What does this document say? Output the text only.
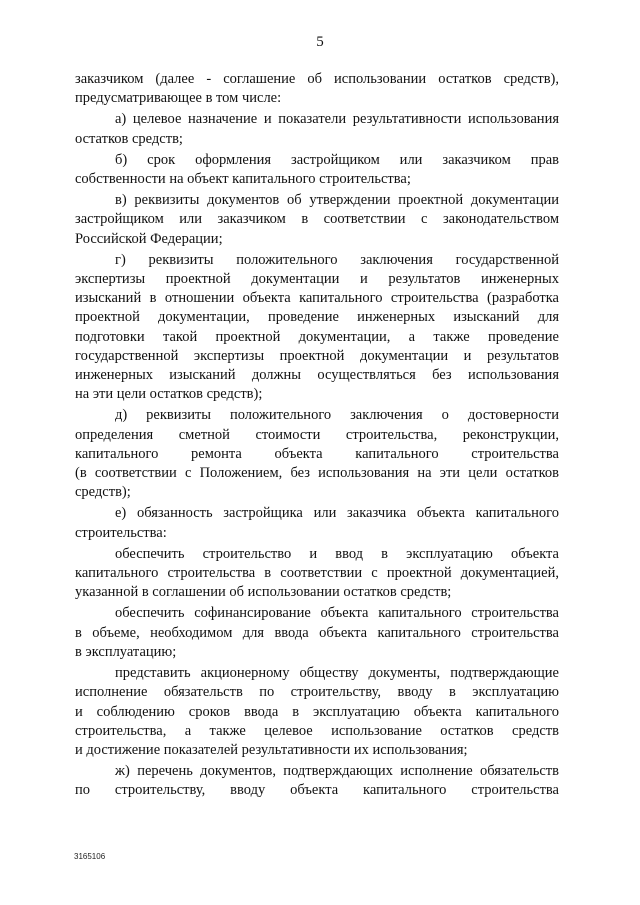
5
заказчиком (далее - соглашение об использовании остатков средств),
предусматривающее в том числе:
а) целевое назначение и показатели результативности использования
остатков средств;
б) срок оформления застройщиком или заказчиком прав
собственности на объект капитального строительства;
в) реквизиты документов об утверждении проектной документации
застройщиком или заказчиком в соответствии с законодательством
Российской Федерации;
г) реквизиты положительного заключения государственной
экспертизы проектной документации и результатов инженерных
изысканий в отношении объекта капитального строительства (разработка
проектной документации, проведение инженерных изысканий для
подготовки такой проектной документации, а также проведение
государственной экспертизы проектной документации и результатов
инженерных изысканий должны осуществляться без использования
на эти цели остатков средств);
д) реквизиты положительного заключения о достоверности
определения сметной стоимости строительства, реконструкции,
капитального ремонта объекта капитального строительства
(в соответствии с Положением, без использования на эти цели остатков
средств);
е) обязанность застройщика или заказчика объекта капитального
строительства:
обеспечить строительство и ввод в эксплуатацию объекта
капитального строительства в соответствии с проектной документацией,
указанной в соглашении об использовании остатков средств;
обеспечить софинансирование объекта капитального строительства
в объеме, необходимом для ввода объекта капитального строительства
в эксплуатацию;
представить акционерному обществу документы, подтверждающие
исполнение обязательств по строительству, вводу в эксплуатацию
и соблюдению сроков ввода в эксплуатацию объекта капитального
строительства, а также целевое использование остатков средств
и достижение показателей результативности их использования;
ж) перечень документов, подтверждающих исполнение обязательств
по строительству, вводу объекта капитального строительства
3165106
